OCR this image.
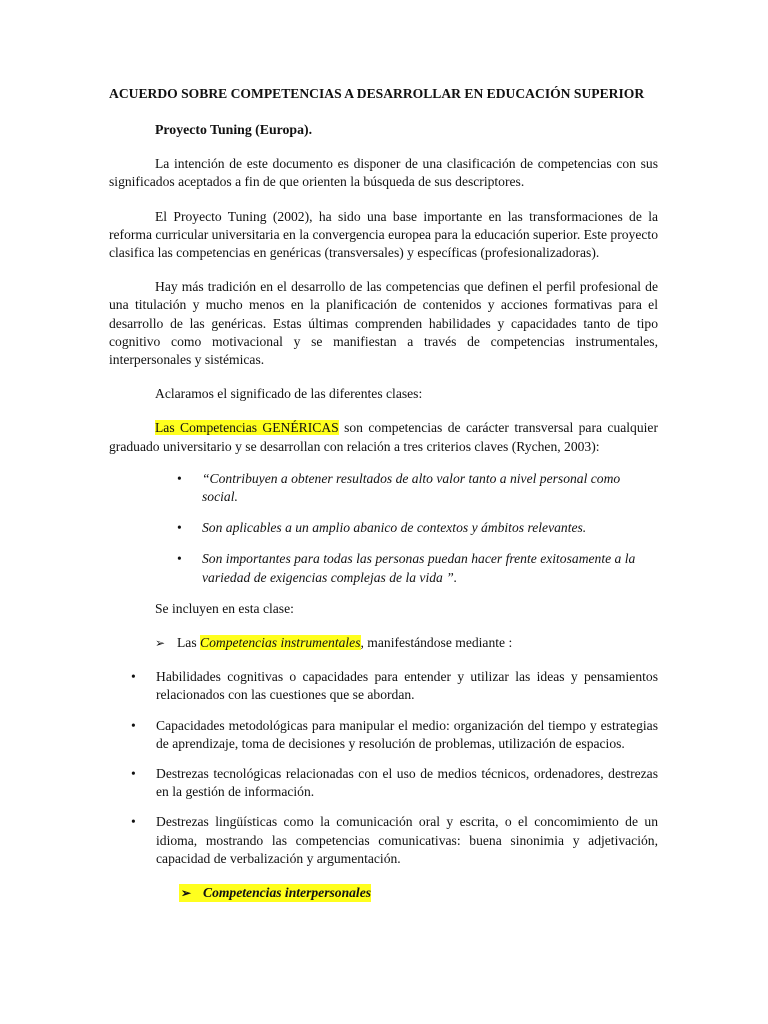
ACUERDO SOBRE COMPETENCIAS A DESARROLLAR EN EDUCACIÓN SUPERIOR

Proyecto Tuning (Europa).

La intención de este documento es disponer de una clasificación de competencias con sus significados aceptados a fin de que orienten la búsqueda de sus descriptores.

El Proyecto Tuning (2002), ha sido una base importante en las transformaciones de la reforma curricular universitaria en la convergencia europea para la educación superior. Este proyecto clasifica las competencias en genéricas (transversales) y específicas (profesionalizadoras).

Hay más tradición en el desarrollo de las competencias que definen el perfil profesional de una titulación y mucho menos en la planificación de contenidos y acciones formativas para el desarrollo de las genéricas. Estas últimas comprenden habilidades y capacidades tanto de tipo cognitivo como motivacional y se manifiestan a través de competencias instrumentales, interpersonales y sistémicas.

Aclaramos el significado de las diferentes clases:

Las Competencias GENÉRICAS son competencias de carácter transversal para cualquier graduado universitario y se desarrollan con relación a tres criterios claves (Rychen, 2003):

• “Contribuyen a obtener resultados de alto valor tanto a nivel personal como social.
• Son aplicables a un amplio abanico de contextos y ámbitos relevantes.
• Son importantes para todas las personas puedan hacer frente exitosamente a la variedad de exigencias complejas de la vida ”.

Se incluyen en esta clase:

➢ Las Competencias instrumentales, manifestándose mediante :
• Habilidades cognitivas o capacidades para entender y utilizar las ideas y pensamientos relacionados con las cuestiones que se abordan.
• Capacidades metodológicas para manipular el medio: organización del tiempo y estrategias de aprendizaje, toma de decisiones y resolución de problemas, utilización de espacios.
• Destrezas tecnológicas relacionadas con el uso de medios técnicos, ordenadores, destrezas en la gestión de información.
• Destrezas lingüísticas como la comunicación oral y escrita, o el concomimiento de un idioma, mostrando las competencias comunicativas: buena sinonimia y adjetivación, capacidad de verbalización y argumentación.
➢ Competencias interpersonales
